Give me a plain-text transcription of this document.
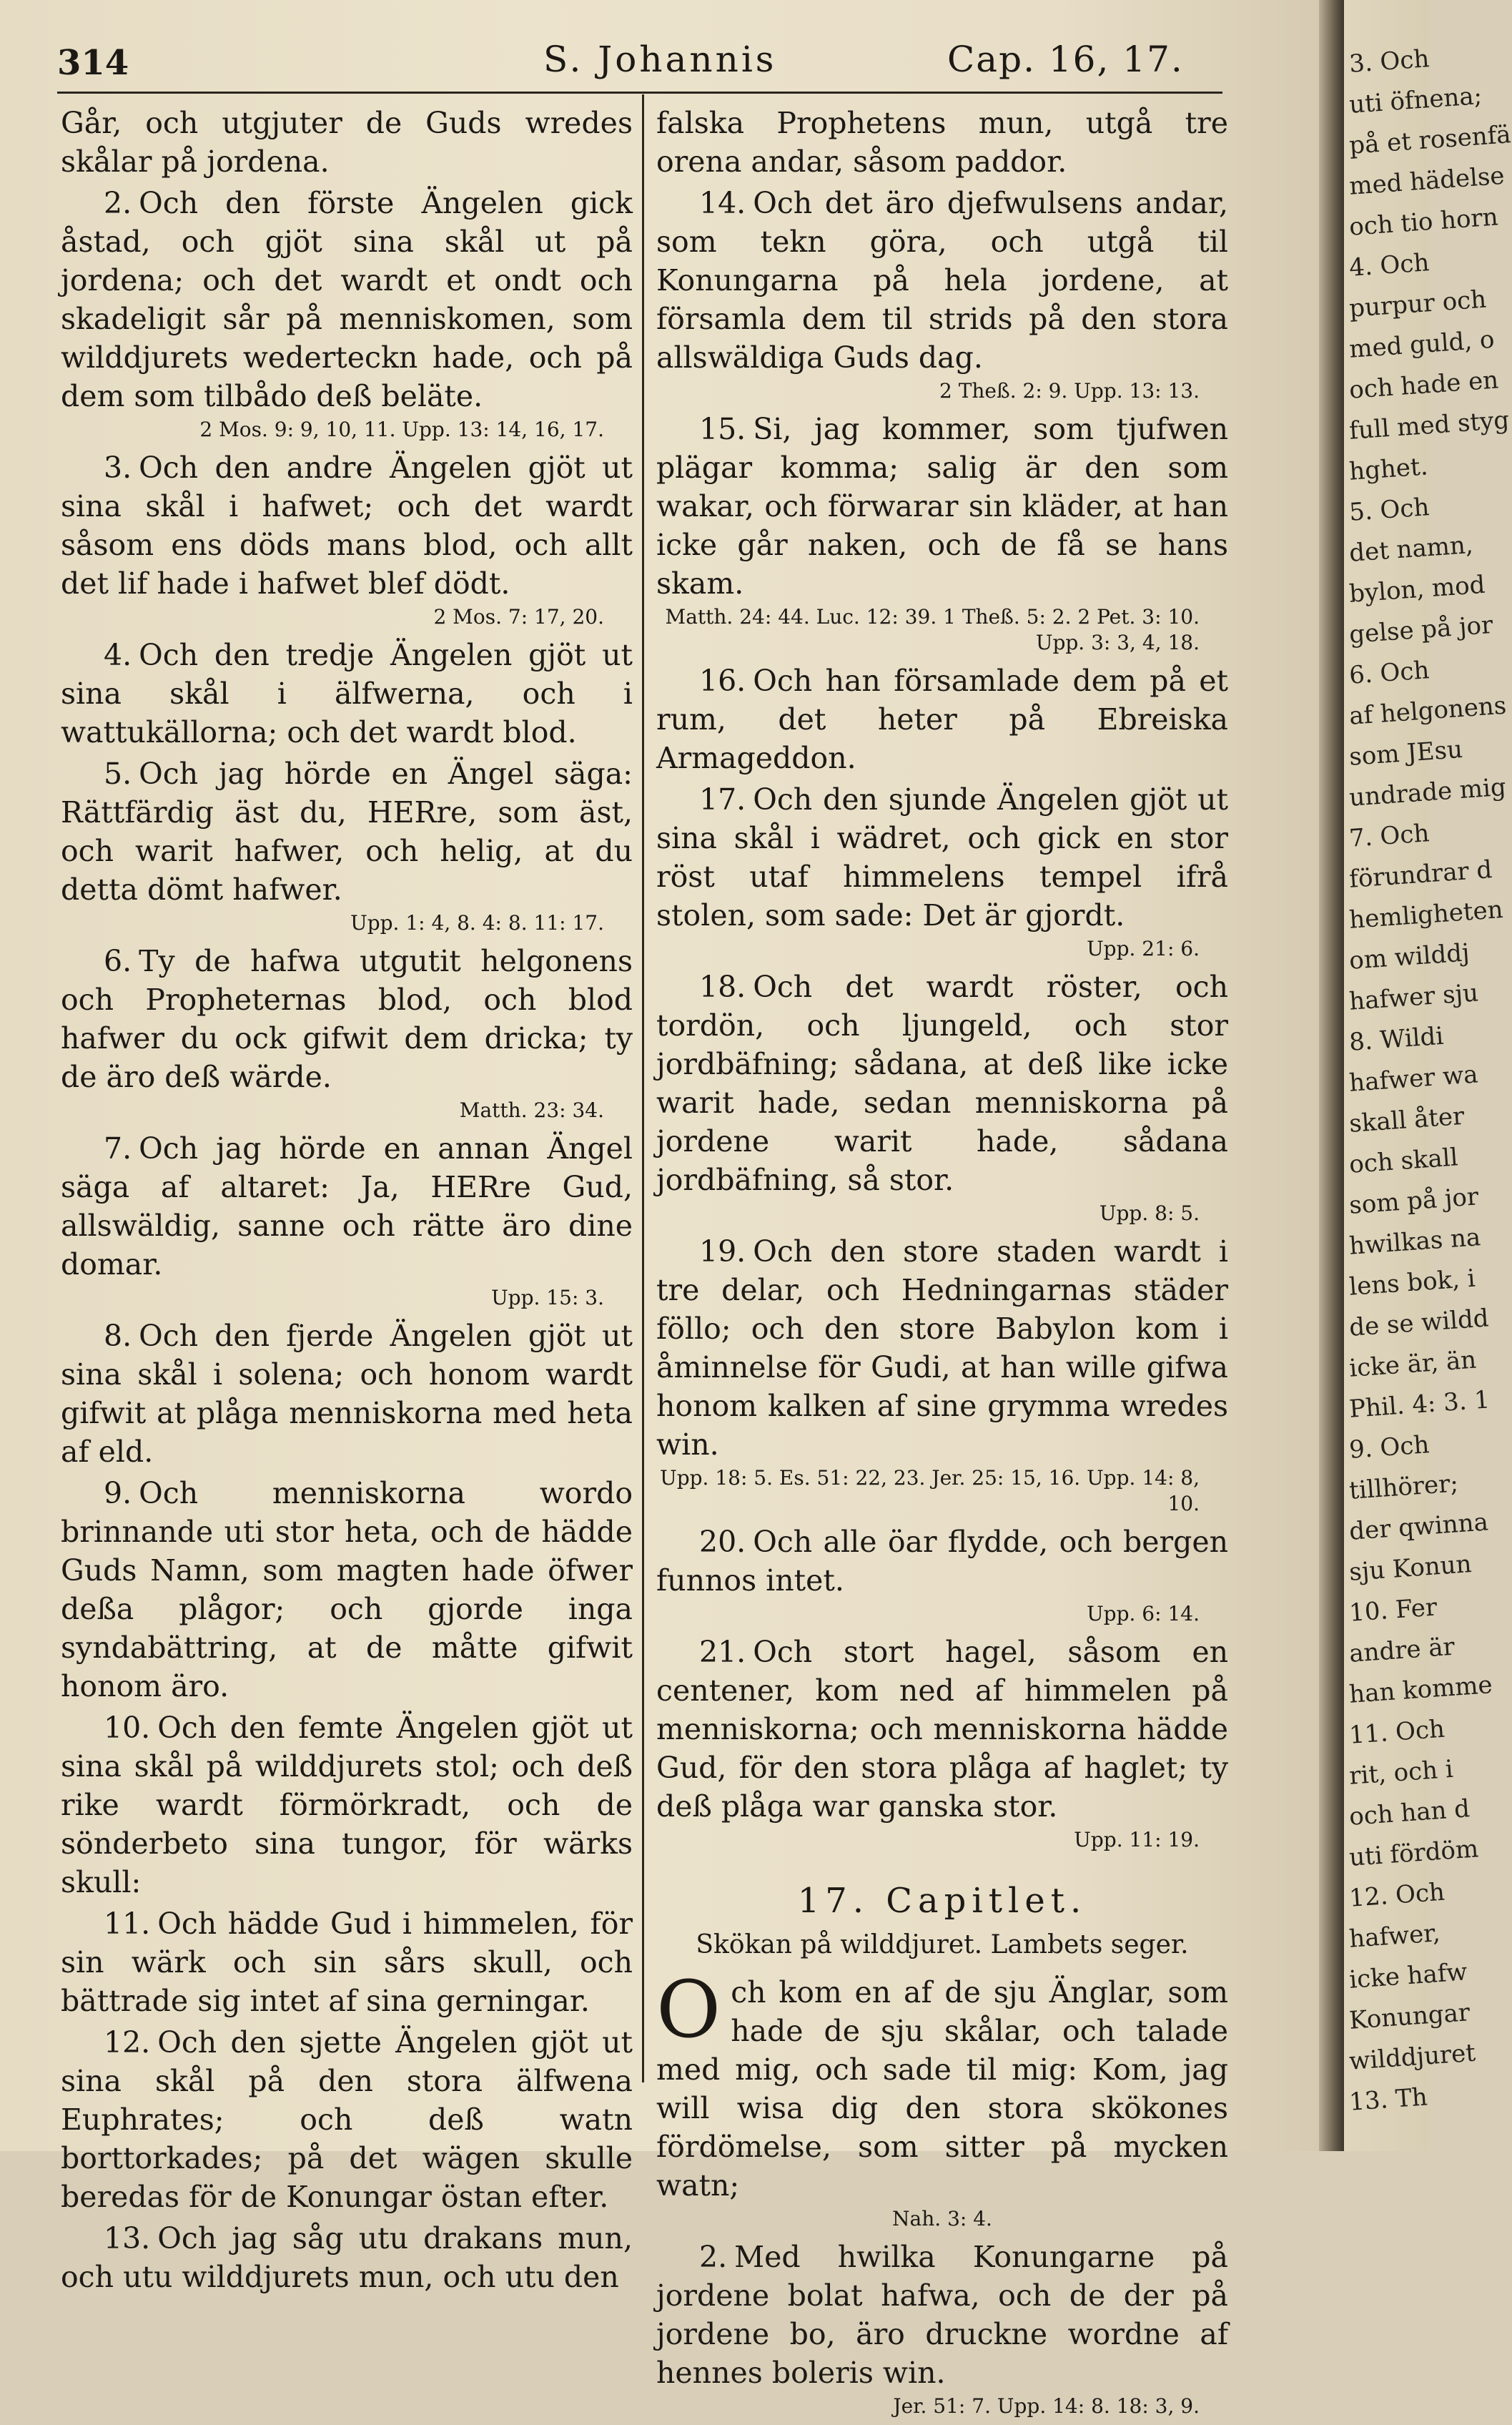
314	S. Johannis	Cap. 16, 17.

Går, och utgjuter de Guds wredes skålar på jordena.

2. Och den förste Ängelen gick åstad, och gjöt sina skål ut på jordena; och det wardt et ondt och skadeligit sår på menniskomen, som wilddjurets wederteckn hade, och på dem som tilbådo deß beläte.

2 Mos. 9: 9, 10, 11. Upp. 13: 14, 16, 17.

3. Och den andre Ängelen gjöt ut sina skål i hafwet; och det wardt såsom ens döds mans blod, och allt det lif hade i hafwet blef dödt.

2 Mos. 7: 17, 20.

4. Och den tredje Ängelen gjöt ut sina skål i älfwerna, och i wattukällorna; och det wardt blod.

5. Och jag hörde en Ängel säga: Rättfärdig äst du, HERre, som äst, och warit hafwer, och helig, at du detta dömt hafwer.

Upp. 1: 4, 8. 4: 8. 11: 17.

6. Ty de hafwa utgutit helgonens och Propheternas blod, och blod hafwer du ock gifwit dem dricka; ty de äro deß wärde.

Matth. 23: 34.

7. Och jag hörde en annan Ängel säga af altaret: Ja, HERre Gud, allswäldig, sanne och rätte äro dine domar.

Upp. 15: 3.

8. Och den fjerde Ängelen gjöt ut sina skål i solena; och honom wardt gifwit at plåga menniskorna med heta af eld.

9. Och menniskorna wordo brinnande uti stor heta, och de hädde Guds Namn, som magten hade öfwer deßa plågor; och gjorde inga syndabättring, at de måtte gifwit honom äro.

10. Och den femte Ängelen gjöt ut sina skål på wilddjurets stol; och deß rike wardt förmörkradt, och de sönderbeto sina tungor, för wärks skull:

11. Och hädde Gud i himmelen, för sin wärk och sin sårs skull, och bättrade sig intet af sina gerningar.

12. Och den sjette Ängelen gjöt ut sina skål på den stora älfwena Euphrates; och deß watn borttorkades; på det wägen skulle beredas för de Konungar östan efter.

13. Och jag såg utu drakans mun, och utu wilddjurets mun, och utu den

falska Prophetens mun, utgå tre orena andar, såsom paddor.

14. Och det äro djefwulsens andar, som tekn göra, och utgå til Konungarna på hela jordene, at församla dem til strids på den stora allswäldiga Guds dag.

2 Theß. 2: 9. Upp. 13: 13.

15. Si, jag kommer, som tjufwen plägar komma; salig är den som wakar, och förwarar sin kläder, at han icke går naken, och de få se hans skam.

Matth. 24: 44. Luc. 12: 39. 1 Theß. 5: 2. 2 Pet. 3: 10. Upp. 3: 3, 4, 18.

16. Och han församlade dem på et rum, det heter på Ebreiska Armageddon.

17. Och den sjunde Ängelen gjöt ut sina skål i wädret, och gick en stor röst utaf himmelens tempel ifrå stolen, som sade: Det är gjordt.

Upp. 21: 6.

18. Och det wardt röster, och tordön, och ljungeld, och stor jordbäfning; sådana, at deß like icke warit hade, sedan menniskorna på jordene warit hade, sådana jordbäfning, så stor.

Upp. 8: 5.

19. Och den store staden wardt i tre delar, och Hedningarnas städer föllo; och den store Babylon kom i åminnelse för Gudi, at han wille gifwa honom kalken af sine grymma wredes win.

Upp. 18: 5. Es. 51: 22, 23. Jer. 25: 15, 16. Upp. 14: 8, 10.

20. Och alle öar flydde, och bergen funnos intet.

Upp. 6: 14.

21. Och stort hagel, såsom en centener, kom ned af himmelen på menniskorna; och menniskorna hädde Gud, för den stora plåga af haglet; ty deß plåga war ganska stor.

Upp. 11: 19.
17. Capitlet.
Skökan på wilddjuret. Lambets seger.

O ch kom en af de sju Änglar, som hade de sju skålar, och talade med mig, och sade til mig: Kom, jag will wisa dig den stora skökones fördömelse, som sitter på mycken watn;

Nah. 3: 4.

2. Med hwilka Konungarne på jordene bolat hafwa, och de der på jordene bo, äro druckne wordne af hennes boleris win.

Jer. 51: 7. Upp. 14: 8. 18: 3, 9.
3. Och
uti öfnena;
på et rosenfä
med hädelse
och tio horn
4. Och
purpur och
med guld, o
och hade en
full med styg
hghet.
5. Och
det namn,
bylon, mod
gelse på jor
6. Och
af helgonens
som JEsu
undrade mig
7. Och
förundrar d
hemligheten
om wilddj
hafwer sju
8. Wildi
hafwer wa
skall åter
och skall
som på jor
hwilkas na
lens bok, i
de se wildd
icke är, än
Phil. 4: 3. 1
9. Och
tillhörer;
der qwinna
sju Konun
10. Fer
andre är
han komme
11. Och
rit, och i
och han d
uti fördöm
12. Och
hafwer,
icke hafw
Konungar
wilddjuret
13. Th
